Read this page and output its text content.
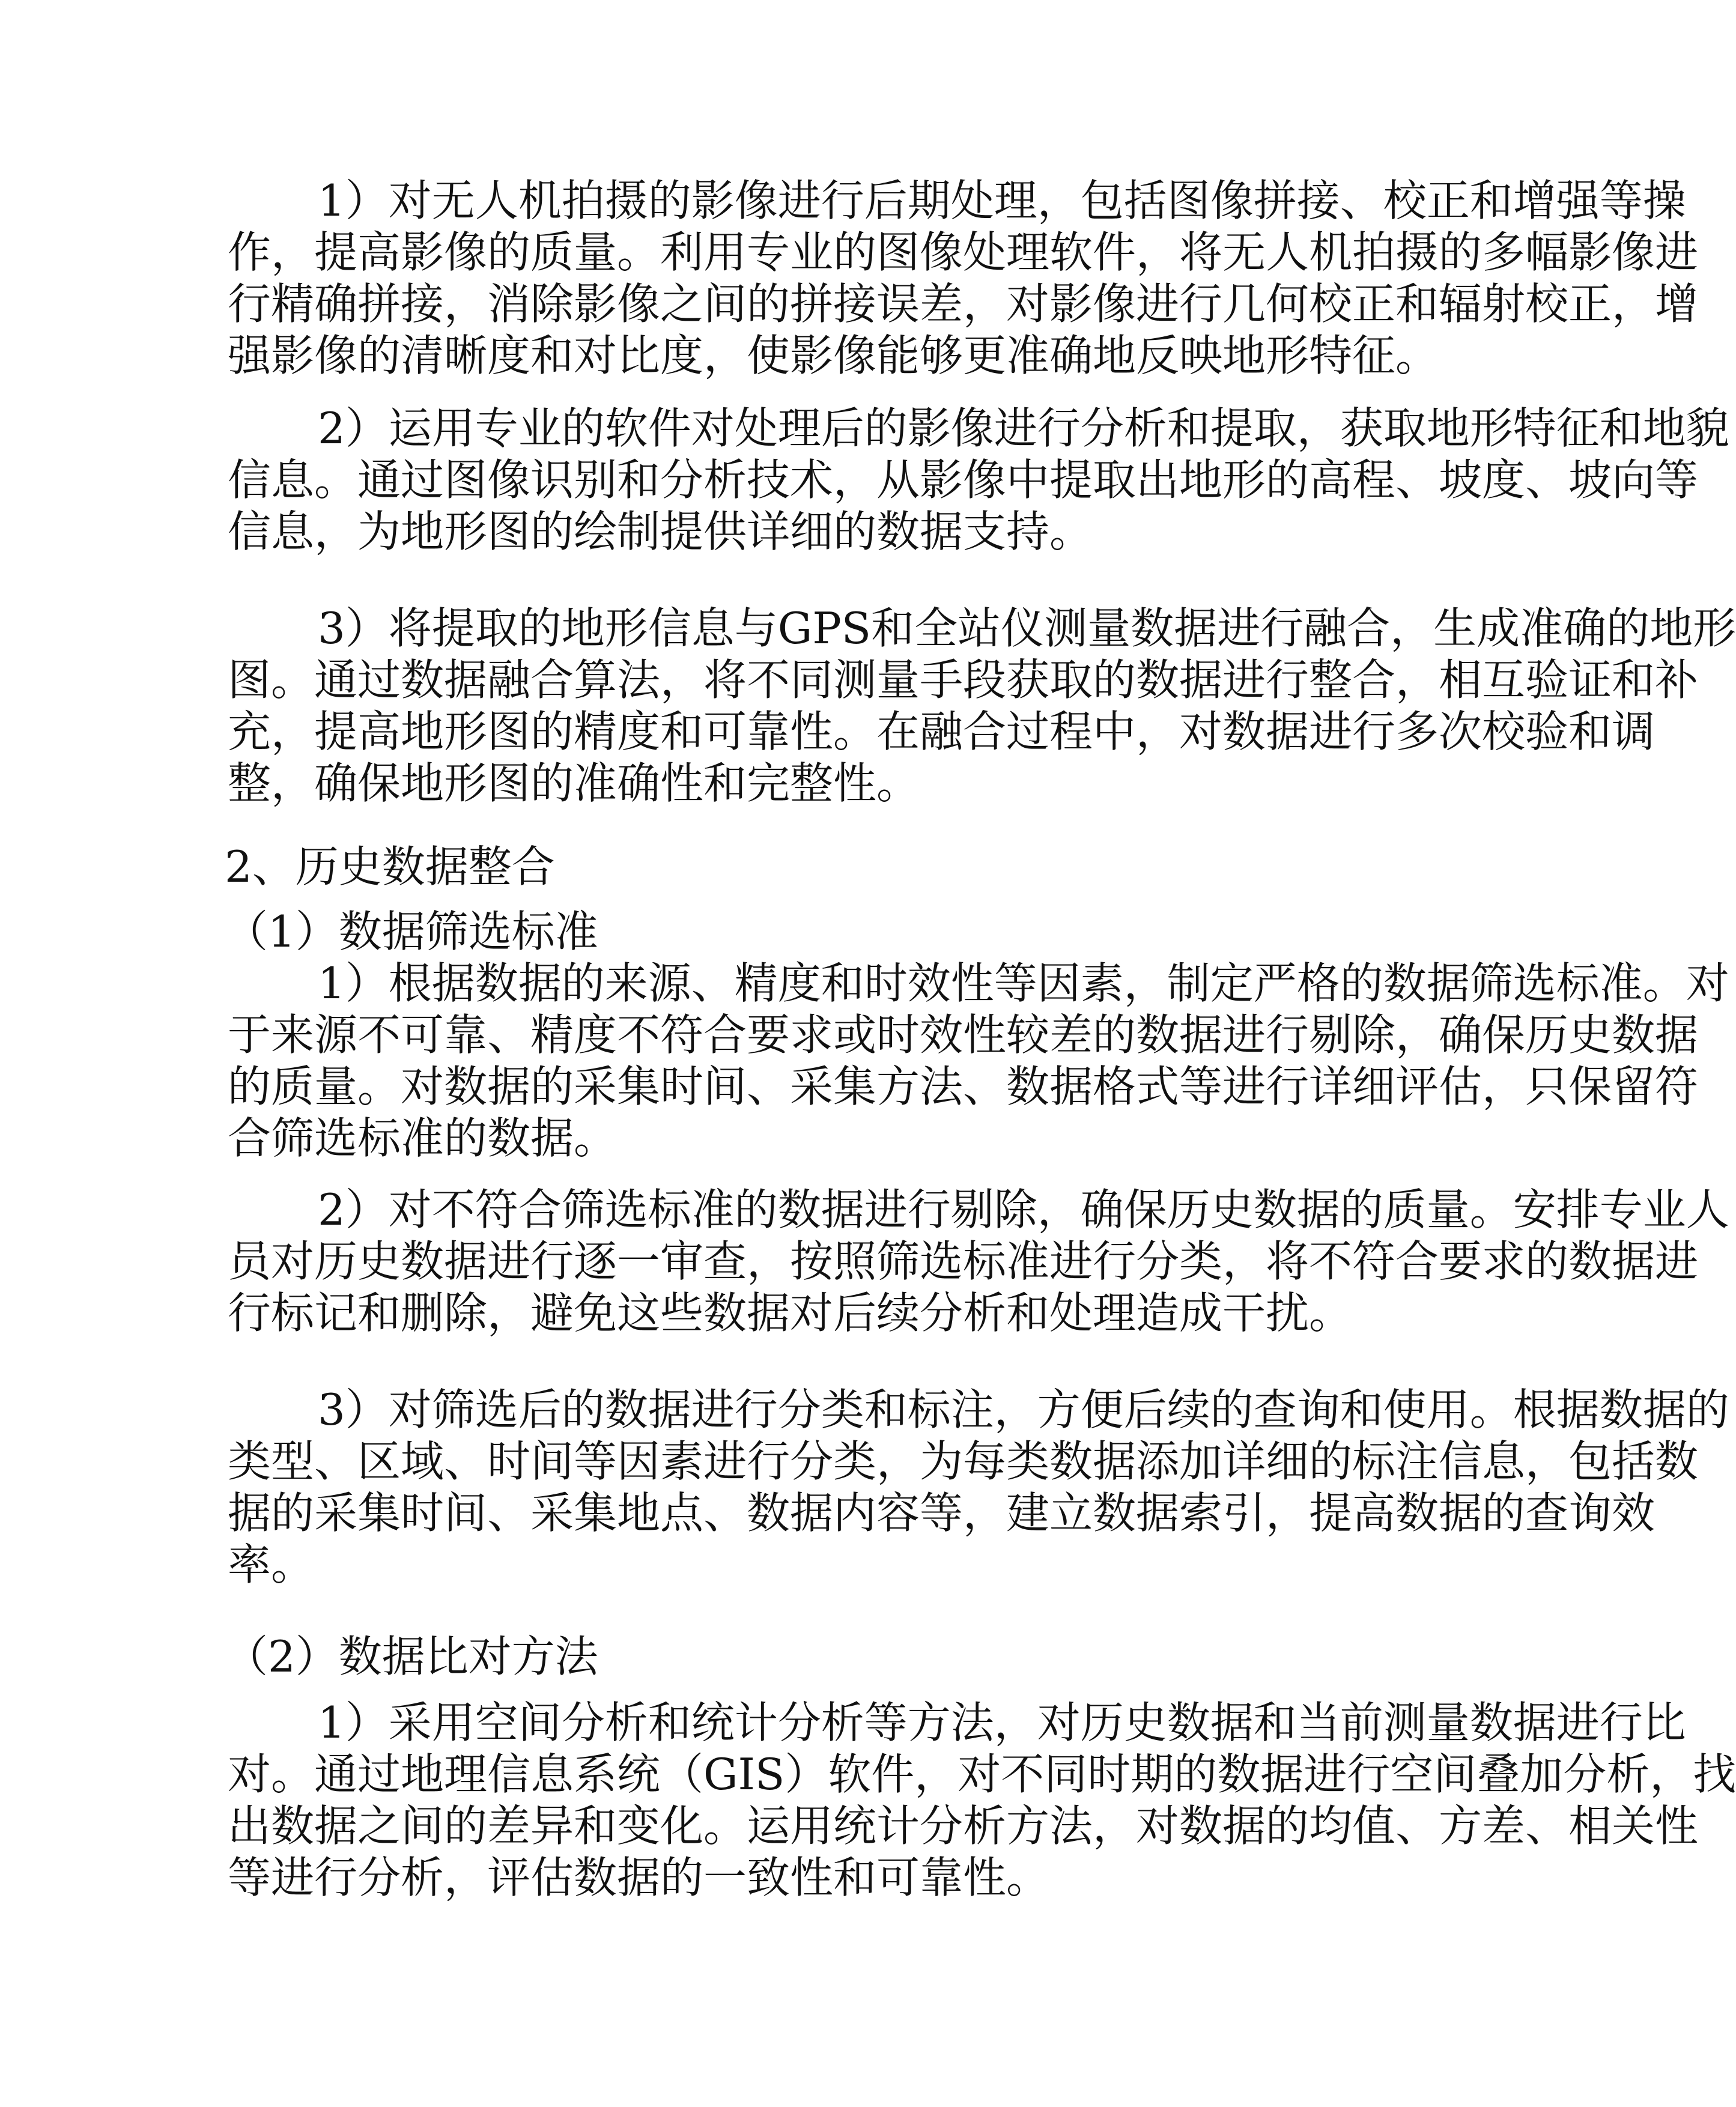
1）对无人机拍摄的影像进行后期处理，包括图像拼接、校正和增强等操
作，提高影像的质量。利用专业的图像处理软件，将无人机拍摄的多幅影像进
行精确拼接，消除影像之间的拼接误差，对影像进行几何校正和辐射校正，增
强影像的清晰度和对比度，使影像能够更准确地反映地形特征。
2）运用专业的软件对处理后的影像进行分析和提取，获取地形特征和地貌
信息。通过图像识别和分析技术，从影像中提取出地形的高程、坡度、坡向等
信息，为地形图的绘制提供详细的数据支持。
3）将提取的地形信息与GPS和全站仪测量数据进行融合，生成准确的地形
图。通过数据融合算法，将不同测量手段获取的数据进行整合，相互验证和补
充，提高地形图的精度和可靠性。在融合过程中，对数据进行多次校验和调
整，确保地形图的准确性和完整性。
2、历史数据整合
（1）数据筛选标准
1）根据数据的来源、精度和时效性等因素，制定严格的数据筛选标准。对
于来源不可靠、精度不符合要求或时效性较差的数据进行剔除，确保历史数据
的质量。对数据的采集时间、采集方法、数据格式等进行详细评估，只保留符
合筛选标准的数据。
2）对不符合筛选标准的数据进行剔除，确保历史数据的质量。安排专业人
员对历史数据进行逐一审查，按照筛选标准进行分类，将不符合要求的数据进
行标记和删除，避免这些数据对后续分析和处理造成干扰。
3）对筛选后的数据进行分类和标注，方便后续的查询和使用。根据数据的
类型、区域、时间等因素进行分类，为每类数据添加详细的标注信息，包括数
据的采集时间、采集地点、数据内容等，建立数据索引，提高数据的查询效
率。
（2）数据比对方法
1）采用空间分析和统计分析等方法，对历史数据和当前测量数据进行比
对。通过地理信息系统（GIS）软件，对不同时期的数据进行空间叠加分析，找
出数据之间的差异和变化。运用统计分析方法，对数据的均值、方差、相关性
等进行分析，评估数据的一致性和可靠性。
